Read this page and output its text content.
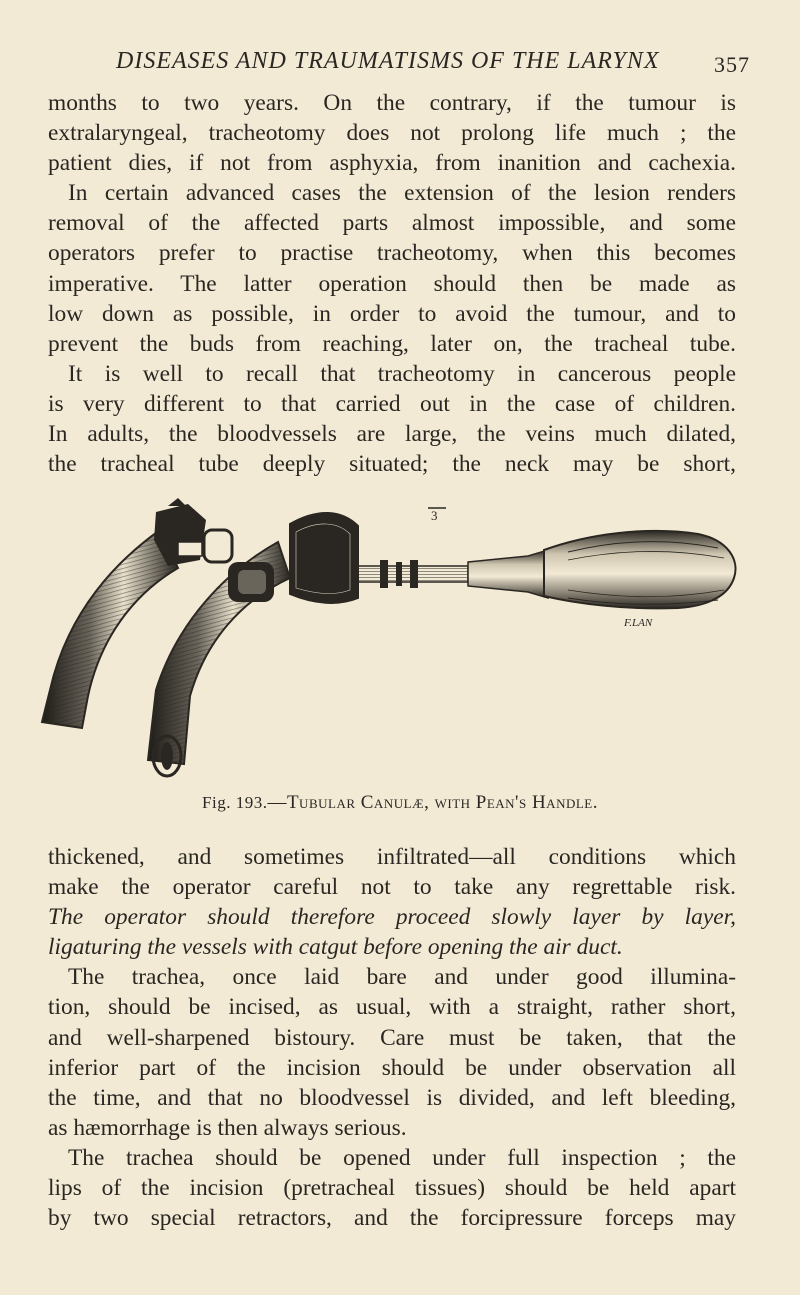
DISEASES AND TRAUMATISMS OF THE LARYNX 357

months to two years. On the contrary, if the tumour is

extralaryngeal, tracheotomy does not prolong life much ; the

patient dies, if not from asphyxia, from inanition and cachexia.

In certain advanced cases the extension of the lesion renders

removal of the affected parts almost impossible, and some

operators prefer to practise tracheotomy, when this becomes

imperative. The latter operation should then be made as

low down as possible, in order to avoid the tumour, and to

prevent the buds from reaching, later on, the tracheal tube.

It is well to recall that tracheotomy in cancerous people

is very different to that carried out in the case of children.

In adults, the bloodvessels are large, the veins much dilated,

the tracheal tube deeply situated; the neck may be short,

3
F.LAN
Fig. 193.—Tubular Canulæ, with Pean's Handle.

thickened, and sometimes infiltrated—all conditions which

make the operator careful not to take any regrettable risk.

The operator should therefore proceed slowly layer by layer,

ligaturing the vessels with catgut before opening the air duct.

The trachea, once laid bare and under good illumina-

tion, should be incised, as usual, with a straight, rather short,

and well-sharpened bistoury. Care must be taken, that the

inferior part of the incision should be under observation all

the time, and that no bloodvessel is divided, and left bleeding,

as hæmorrhage is then always serious.

The trachea should be opened under full inspection ; the

lips of the incision (pretracheal tissues) should be held apart

by two special retractors, and the forcipressure forceps may
